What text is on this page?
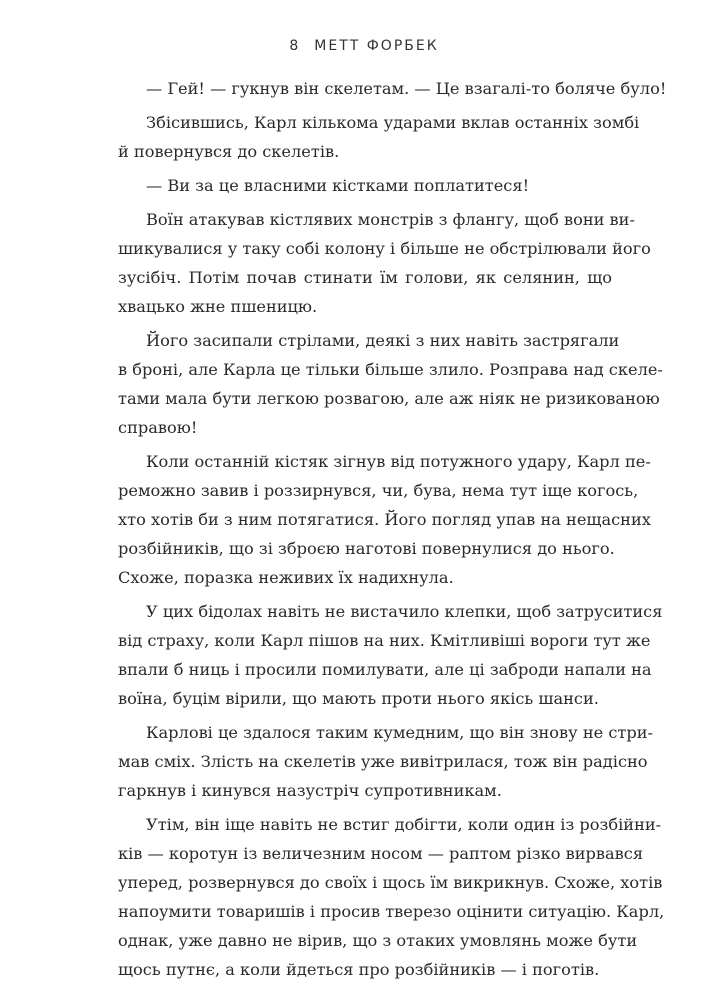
8 МЕТТ ФОРБЕК
— Гей! — гукнув він скелетам. — Це взагалі-то боляче було!
Збісившись, Карл кількома ударами вклав останніх зомбі
й повернувся до скелетів.
— Ви за це власними кістками поплатитеся!
Воїн атакував кістлявих монстрів з флангу, щоб вони ви-
шикувалися у таку собі колону і більше не обстрілювали його
зусібіч. Потім почав стинати їм голови, як селянин, що
хвацько жне пшеницю.
Його засипали стрілами, деякі з них навіть застрягали
в броні, але Карла це тільки більше злило. Розправа над скеле-
тами мала бути легкою розвагою, але аж ніяк не ризикованою
справою!
Коли останній кістяк зігнув від потужного удару, Карл пе-
реможно завив і роззирнувся, чи, бува, нема тут іще когось,
хто хотів би з ним потягатися. Його погляд упав на нещасних
розбійників, що зі зброєю наготові повернулися до нього.
Схоже, поразка неживих їх надихнула.
У цих бідолах навіть не вистачило клепки, щоб затруситися
від страху, коли Карл пішов на них. Кмітливіші вороги тут же
впали б ниць і просили помилувати, але ці заброди напали на
воїна, буцім вірили, що мають проти нього якісь шанси.
Карлові це здалося таким кумедним, що він знову не стри-
мав сміх. Злість на скелетів уже вивітрилася, тож він радісно
гаркнув і кинувся назустріч супротивникам.
Утім, він іще навіть не встиг добігти, коли один із розбійни-
ків — коротун із величезним носом — раптом різко вирвався
уперед, розвернувся до своїх і щось їм викрикнув. Схоже, хотів
напоумити товаришів і просив тверезо оцінити ситуацію. Карл,
однак, уже давно не вірив, що з отаких умовлянь може бути
щось путнє, а коли йдеться про розбійників — і поготів.
